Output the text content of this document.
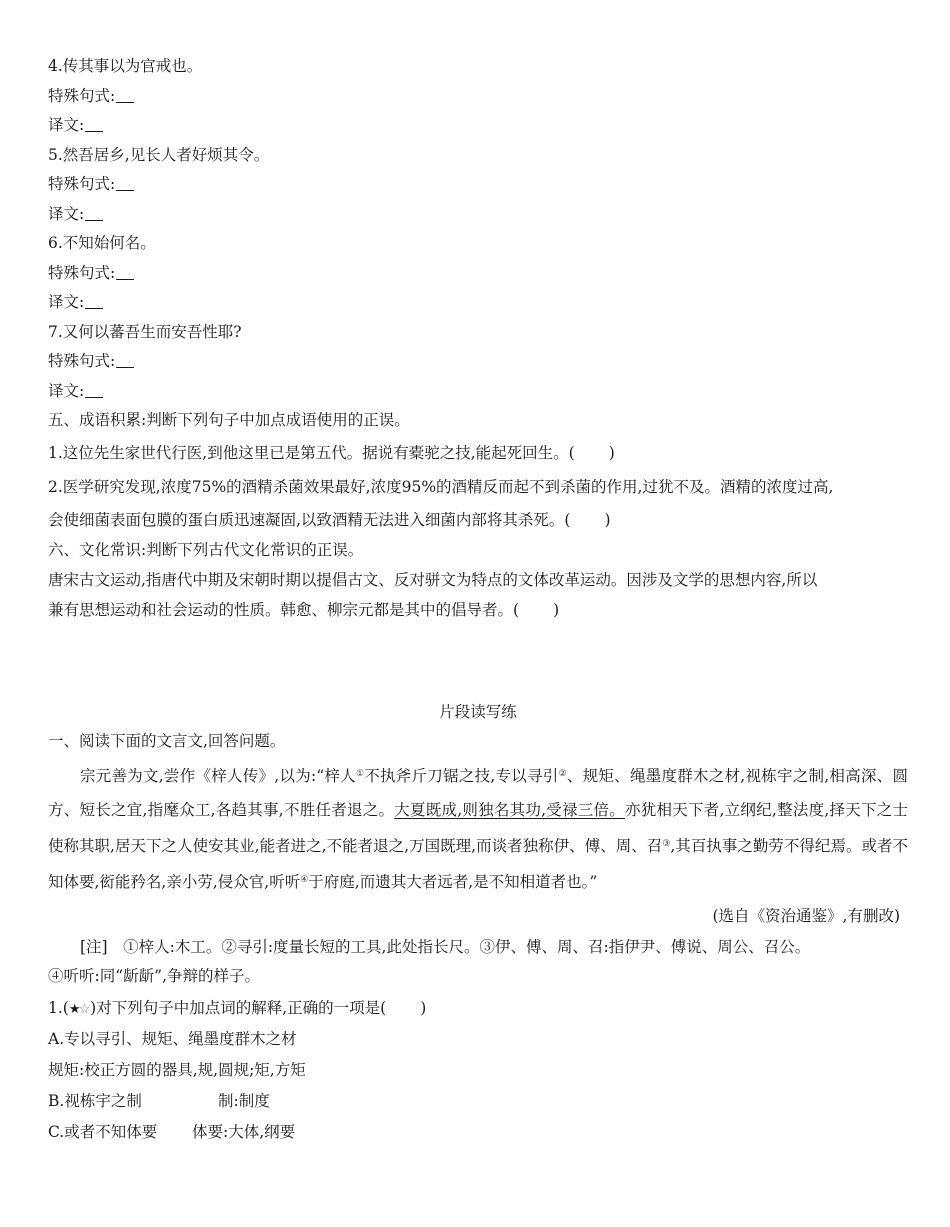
4.传其事以为官戒也。
特殊句式:
译文:
5.然吾居乡,见长人者好烦其令。
特殊句式:
译文:
6.不知始何名。
特殊句式:
译文:
7.又何以蕃吾生而安吾性耶?
特殊句式:
译文:
五、成语积累:判断下列句子中加点成语使用的正误。
1.这位先生家世代行医,到他这里已是第五代。据说有橐驼之技,能起死回生。( )
2.医学研究发现,浓度75%的酒精杀菌效果最好,浓度95%的酒精反而起不到杀菌的作用,过犹不及。酒精的浓度过高,
会使细菌表面包膜的蛋白质迅速凝固,以致酒精无法进入细菌内部将其杀死。( )
六、文化常识:判断下列古代文化常识的正误。
唐宋古文运动,指唐代中期及宋朝时期以提倡古文、反对骈文为特点的文体改革运动。因涉及文学的思想内容,所以
兼有思想运动和社会运动的性质。韩愈、柳宗元都是其中的倡导者。( )
片段读写练
一、阅读下面的文言文,回答问题。
宗元善为文,尝作《梓人传》,以为:“梓人①不执斧斤刀锯之技,专以寻引②、规矩、绳墨度群木之材,视栋宇之制,相高深、圆方、短长之宜,指麾众工,各趋其事,不胜任者退之。大夏既成,则独名其功,受禄三倍。亦犹相天下者,立纲纪,整法度,择天下之士使称其职,居天下之人使安其业,能者进之,不能者退之,万国既理,而谈者独称伊、傅、周、召③,其百执事之勤劳不得纪焉。或者不知体要,衒能矜名,亲小劳,侵众官,听听④于府庭,而遗其大者远者,是不知相道者也。”
(选自《资治通鉴》,有删改)
[注]　①梓人:木工。②寻引:度量长短的工具,此处指长尺。③伊、傅、周、召:指伊尹、傅说、周公、召公。
④听听:同“龂龂”,争辩的样子。
1.(★☆)对下列句子中加点词的解释,正确的一项是( )
A.专以寻引、规矩、绳墨度群木之材
规矩:校正方圆的器具,规,圆规;矩,方矩
B.视栋宇之制	制:制度
C.或者不知体要 体要:大体,纲要
